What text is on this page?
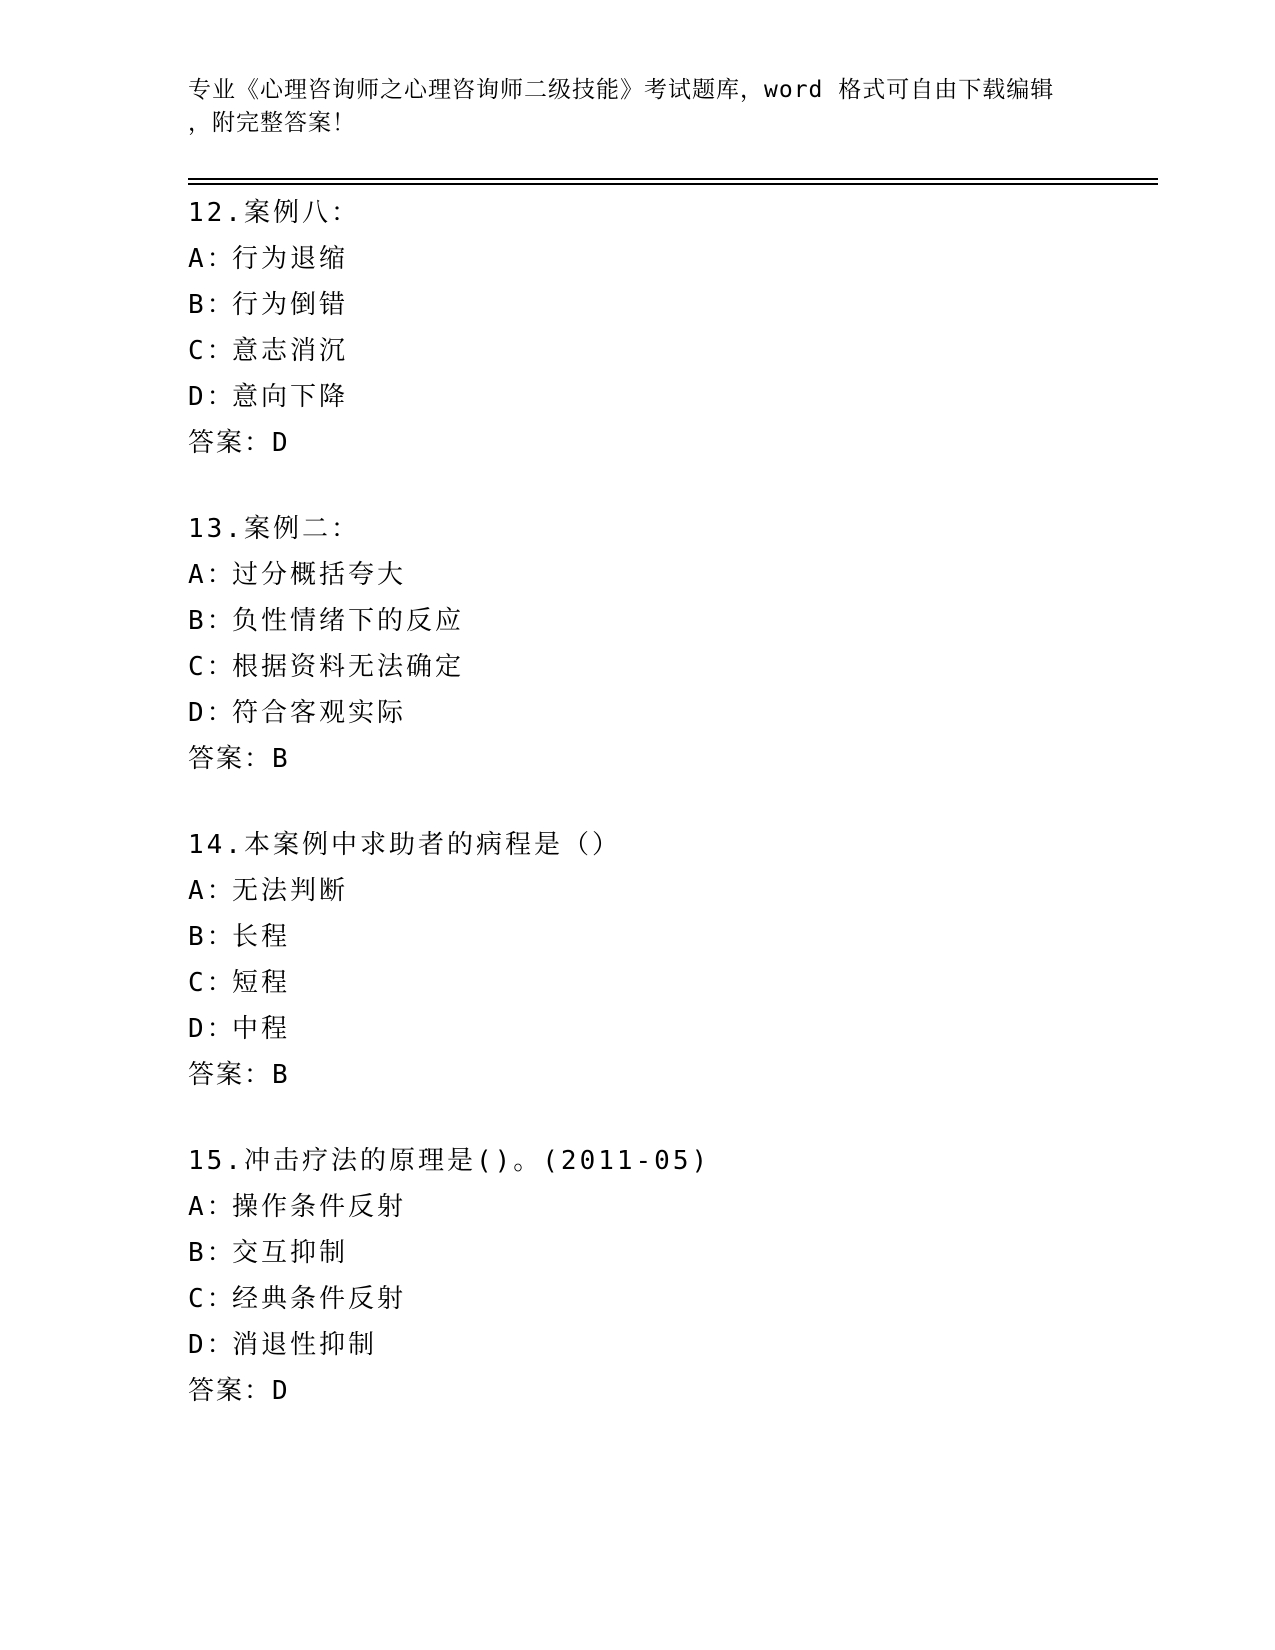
专业《心理咨询师之心理咨询师二级技能》考试题库，word 格式可自由下载编辑
，附完整答案！
12.案例八：
A：行为退缩
B：行为倒错
C：意志消沉
D：意向下降
答案：D
13.案例二：
A：过分概括夸大
B：负性情绪下的反应
C：根据资料无法确定
D：符合客观实际
答案：B
14.本案例中求助者的病程是（）
A：无法判断
B：长程
C：短程
D：中程
答案：B
15.冲击疗法的原理是()。(2011-05)
A：操作条件反射
B：交互抑制
C：经典条件反射
D：消退性抑制
答案：D
